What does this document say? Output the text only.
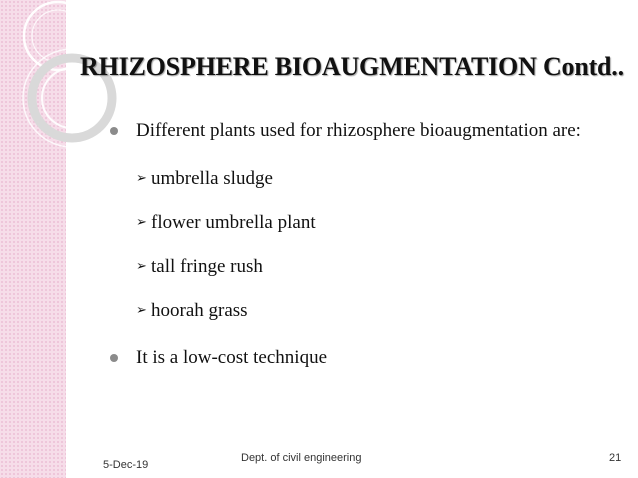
RHIZOSPHERE BIOAUGMENTATION Contd..
Different plants used for rhizosphere bioaugmentation are:
➢ umbrella sludge
➢ flower umbrella plant
➢ tall fringe rush
➢ hoorah grass
It is a low-cost technique
5-Dec-19
Dept. of civil engineering	21
